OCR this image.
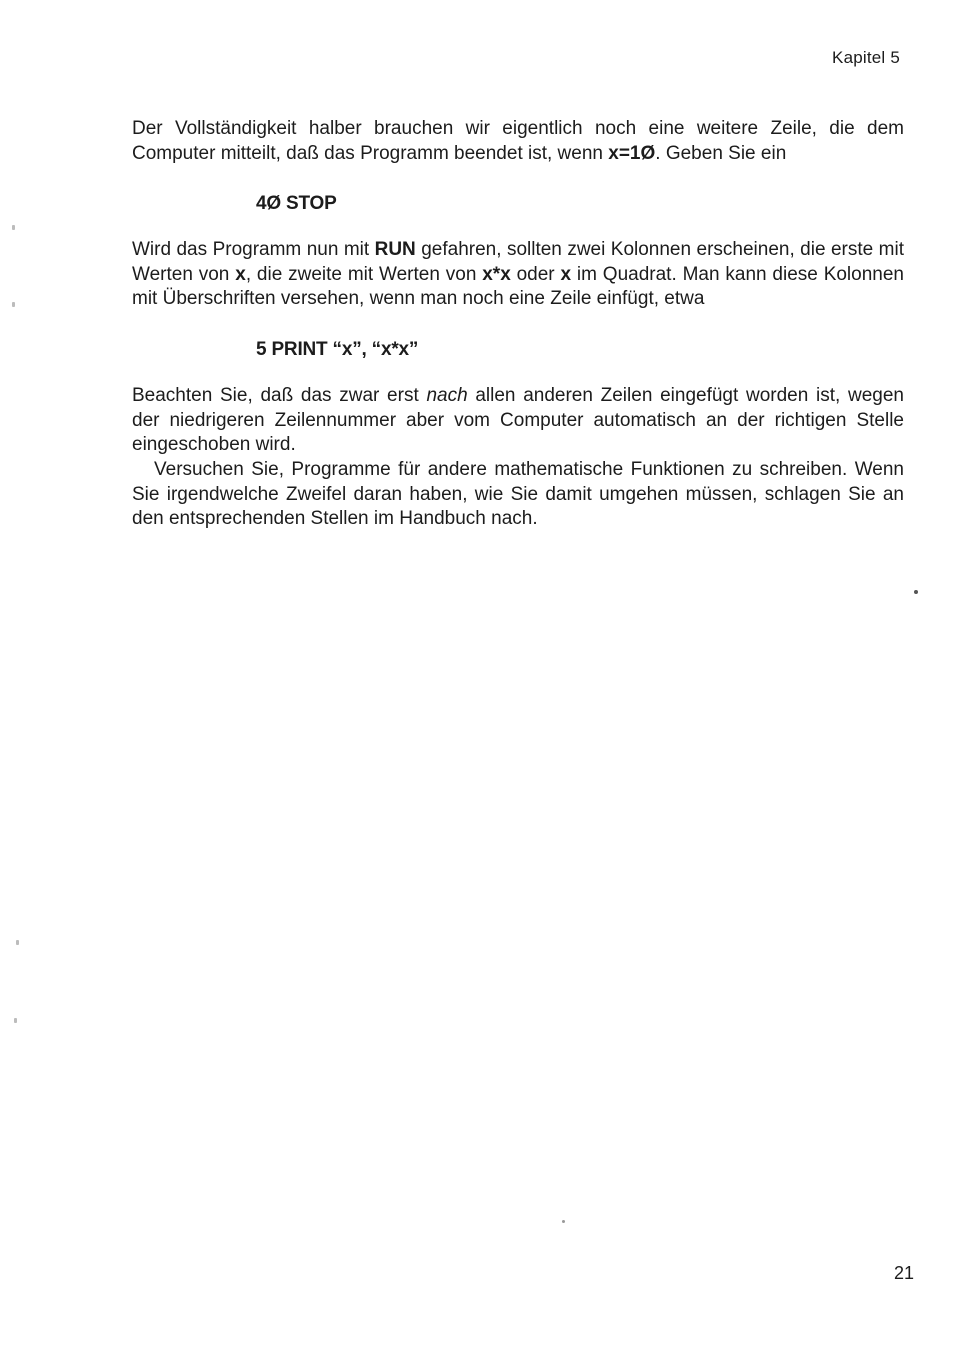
Kapitel 5

Der Vollständigkeit halber brauchen wir eigentlich noch eine weitere Zeile, die dem Computer mitteilt, daß das Programm beendet ist, wenn x=1Ø. Geben Sie ein

4Ø STOP

Wird das Programm nun mit RUN gefahren, sollten zwei Kolonnen erscheinen, die erste mit Werten von x, die zweite mit Werten von x*x oder x im Quadrat. Man kann diese Kolonnen mit Überschriften versehen, wenn man noch eine Zeile einfügt, etwa

5 PRINT “x”, “x*x”

Beachten Sie, daß das zwar erst nach allen anderen Zeilen eingefügt worden ist, wegen der niedrigeren Zeilennummer aber vom Computer automatisch an der richtigen Stelle eingeschoben wird.

Versuchen Sie, Programme für andere mathematische Funktionen zu schreiben. Wenn Sie irgendwelche Zweifel daran haben, wie Sie damit umgehen müssen, schlagen Sie an den entsprechenden Stellen im Handbuch nach.

21
